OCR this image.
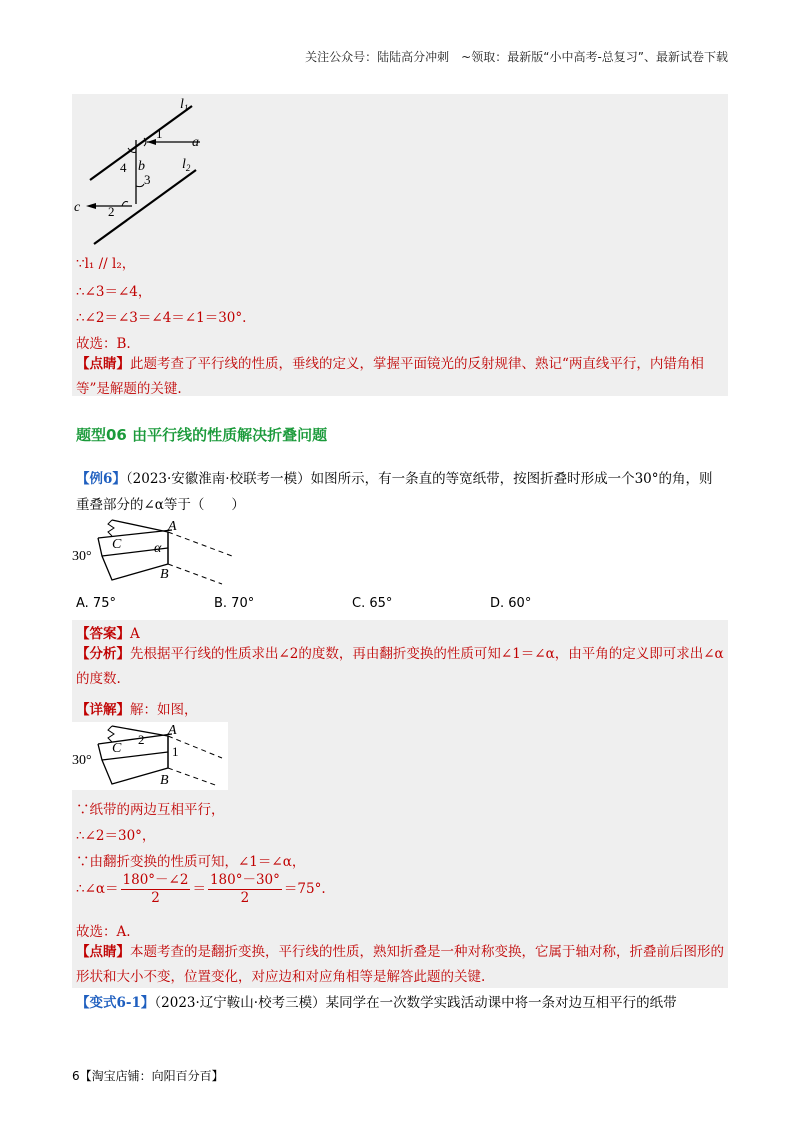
关注公众号：陆陆高分冲刺　~领取：最新版“小中高考-总复习”、最新试卷下载
$l_1$
$l_2$
a
b
c
1
2
3
4
∵l₁ // l₂，
∴∠3＝∠4，
∴∠2＝∠3＝∠4＝∠1＝30°.
故选：B.
【点睛】此题考查了平行线的性质，垂线的定义，掌握平面镜光的反射规律、熟记“两直线平行，内错角相等”是解题的关键.
题型06 由平行线的性质解决折叠问题
【例6】（2023·安徽淮南·校联考一模）如图所示，有一条直的等宽纸带，按图折叠时形成一个30°的角，则重叠部分的∠α等于（　　）
30°
C
A
α
B
A. 75°	B. 70°	C. 65°	D. 60°
【答案】A
【分析】先根据平行线的性质求出∠2的度数，再由翻折变换的性质可知∠1＝∠α，由平角的定义即可求出∠α的度数.
【详解】解：如图，
30°
C
2
A
1
B
∵纸带的两边互相平行，
∴∠2＝30°，
∵由翻折变换的性质可知，∠1＝∠α，
∴∠α＝ $\frac{180^\circ-\angle 2}{2} = \frac{180^\circ-30^\circ}{2} =75^\circ$.
故选：A.
【点睛】本题考查的是翻折变换，平行线的性质，熟知折叠是一种对称变换，它属于轴对称，折叠前后图形的形状和大小不变，位置变化，对应边和对应角相等是解答此题的关键.
【变式6-1】（2023·辽宁鞍山·校考三模）某同学在一次数学实践活动课中将一条对边互相平行的纸带
6【淘宝店铺：向阳百分百】
